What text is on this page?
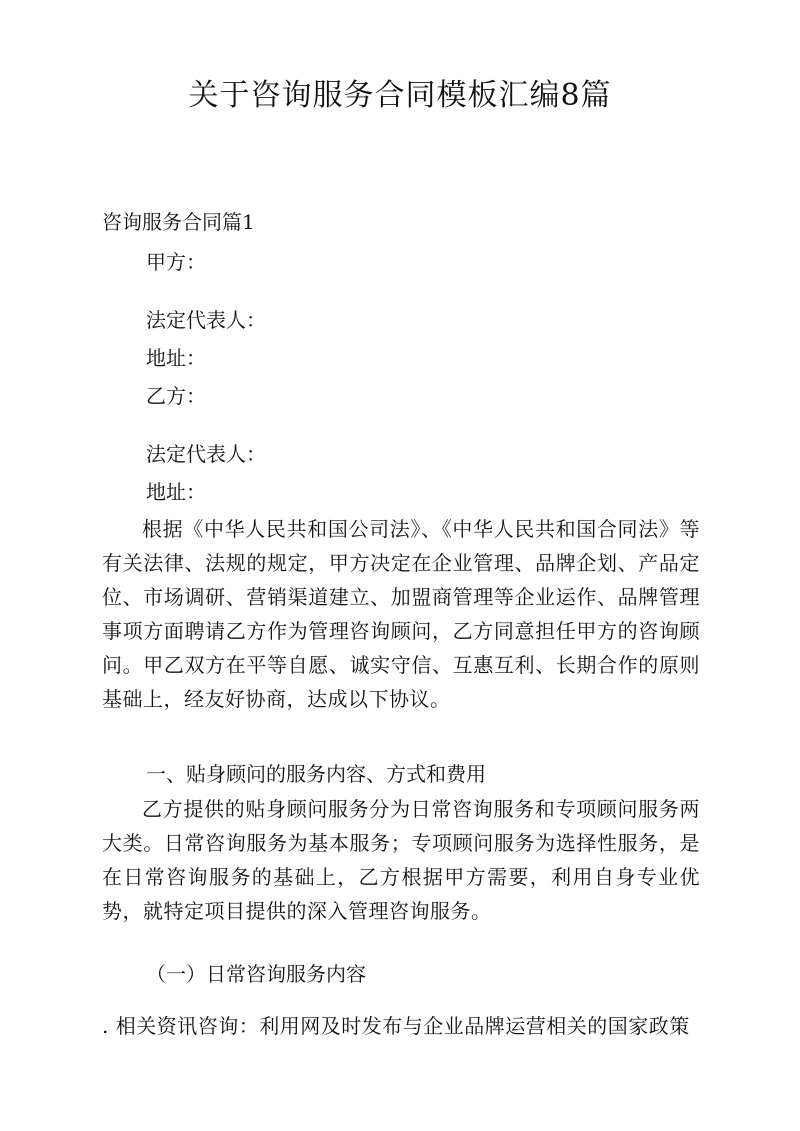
关于咨询服务合同模板汇编8篇

咨询服务合同篇1

甲方：

法定代表人：

地址：

乙方：

法定代表人：

地址：

根据《中华人民共和国公司法》、《中华人民共和国合同法》等有关法律、法规的规定，甲方决定在企业管理、品牌企划、产品定位、市场调研、营销渠道建立、加盟商管理等企业运作、品牌管理事项方面聘请乙方作为管理咨询顾问，乙方同意担任甲方的咨询顾问。甲乙双方在平等自愿、诚实守信、互惠互利、长期合作的原则基础上，经友好协商，达成以下协议。

一、贴身顾问的服务内容、方式和费用

乙方提供的贴身顾问服务分为日常咨询服务和专项顾问服务两大类。日常咨询服务为基本服务；专项顾问服务为选择性服务，是在日常咨询服务的基础上，乙方根据甲方需要，利用自身专业优势，就特定项目提供的深入管理咨询服务。

（一）日常咨询服务内容

. 相关资讯咨询：利用网及时发布与企业品牌运营相关的国家政策
